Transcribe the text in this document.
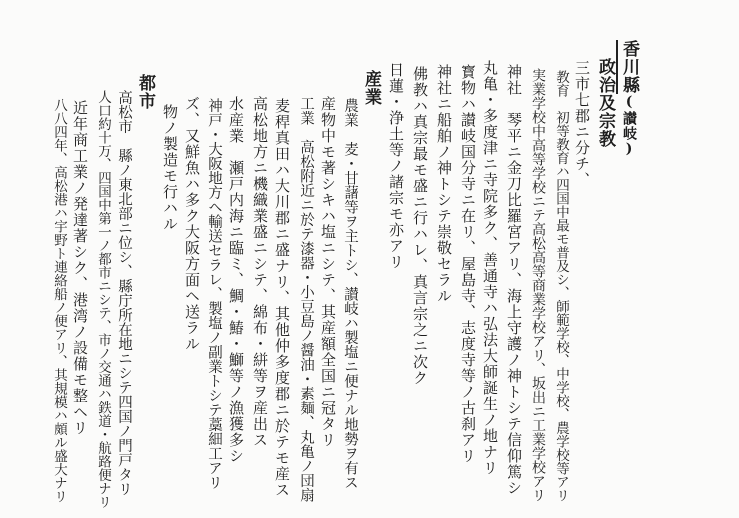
香川縣(讃岐)
政治及宗教
三市七郡ニ分チ、
教育　初等教育ハ四国中最モ普及シ、師範学校、中学校、農学校等アリ
実業学校中高等学校ニテ高松高等商業学校アリ、坂出ニ工業学校アリ
神社　琴平ニ金刀比羅宮アリ、海上守護ノ神トシテ信仰篤シ
丸亀・多度津ニ寺院多ク、善通寺ハ弘法大師誕生ノ地ナリ
寳物ハ讃岐国分寺ニ在リ、屋島寺、志度寺等ノ古刹アリ
神社ニ船舶ノ神トシテ崇敬セラル
佛教ハ真宗最モ盛ニ行ハレ、真言宗之ニ次ク
日蓮・浄土等ノ諸宗モ亦アリ
産業
農業　麦・甘藷等ヲ主トシ、讃岐ハ製塩ニ便ナル地勢ヲ有ス
産物中モ著シキハ塩ニシテ、其産額全国ニ冠タリ
工業　高松附近ニ於テ漆器・小豆島ノ醤油・素麺、丸亀ノ団扇
麦稈真田ハ大川郡ニ盛ナリ、其他仲多度郡ニ於テモ産ス
高松地方ニ機織業盛ニシテ、綿布・絣等ヲ産出ス
水産業　瀬戸内海ニ臨ミ、鯛・鰆・鰤等ノ漁獲多シ
神戸・大阪地方ヘ輸送セラレ、製塩ノ副業トシテ藁細工アリ
ズ、又鮮魚ハ多ク大阪方面ヘ送ラル
物ノ製造モ行ハル
都市
高松市　縣ノ東北部ニ位シ、縣庁所在地ニシテ四国ノ門戸タリ
人口約十万、四国中第一ノ都市ニシテ、市ノ交通ハ鉄道・航路便ナリ
近年商工業ノ発達著シク、港湾ノ設備モ整ヘリ
八八四年、高松港ハ宇野ト連絡船ノ便アリ、其規模ハ頗ル盛大ナリ
